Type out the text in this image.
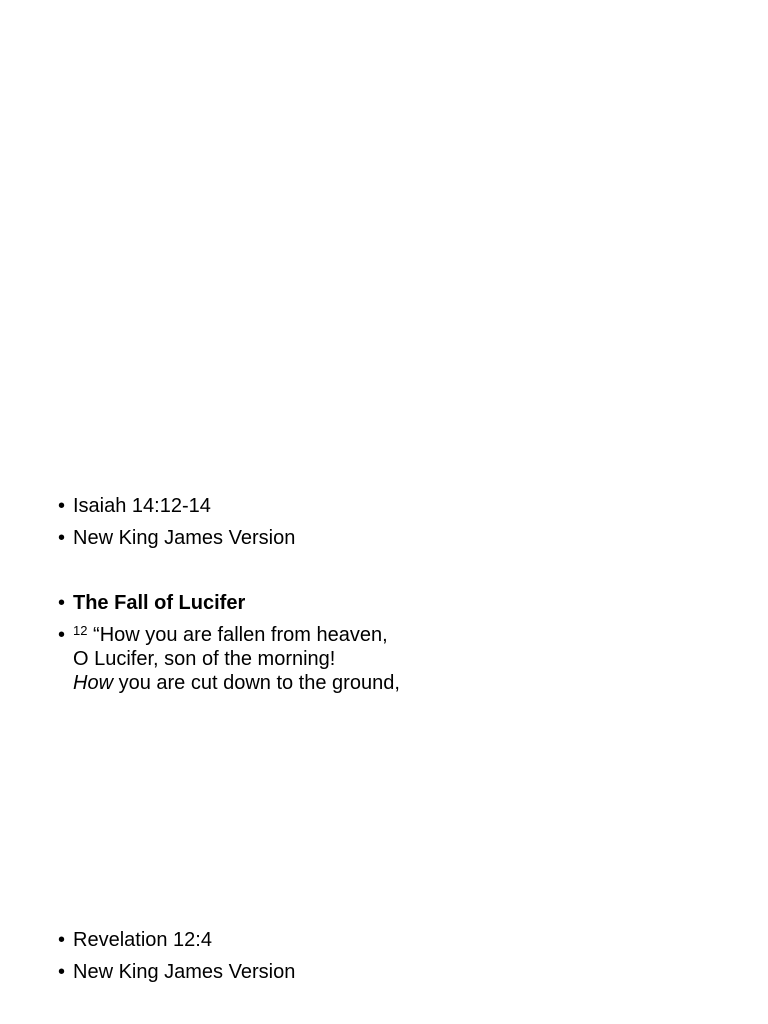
• Isaiah 14:12-14
• New King James Version
• The Fall of Lucifer
• $^{12}$ “How you are fallen from heaven,
O Lucifer, son of the morning!
How you are cut down to the ground,
• Revelation 12:4
• New King James Version
